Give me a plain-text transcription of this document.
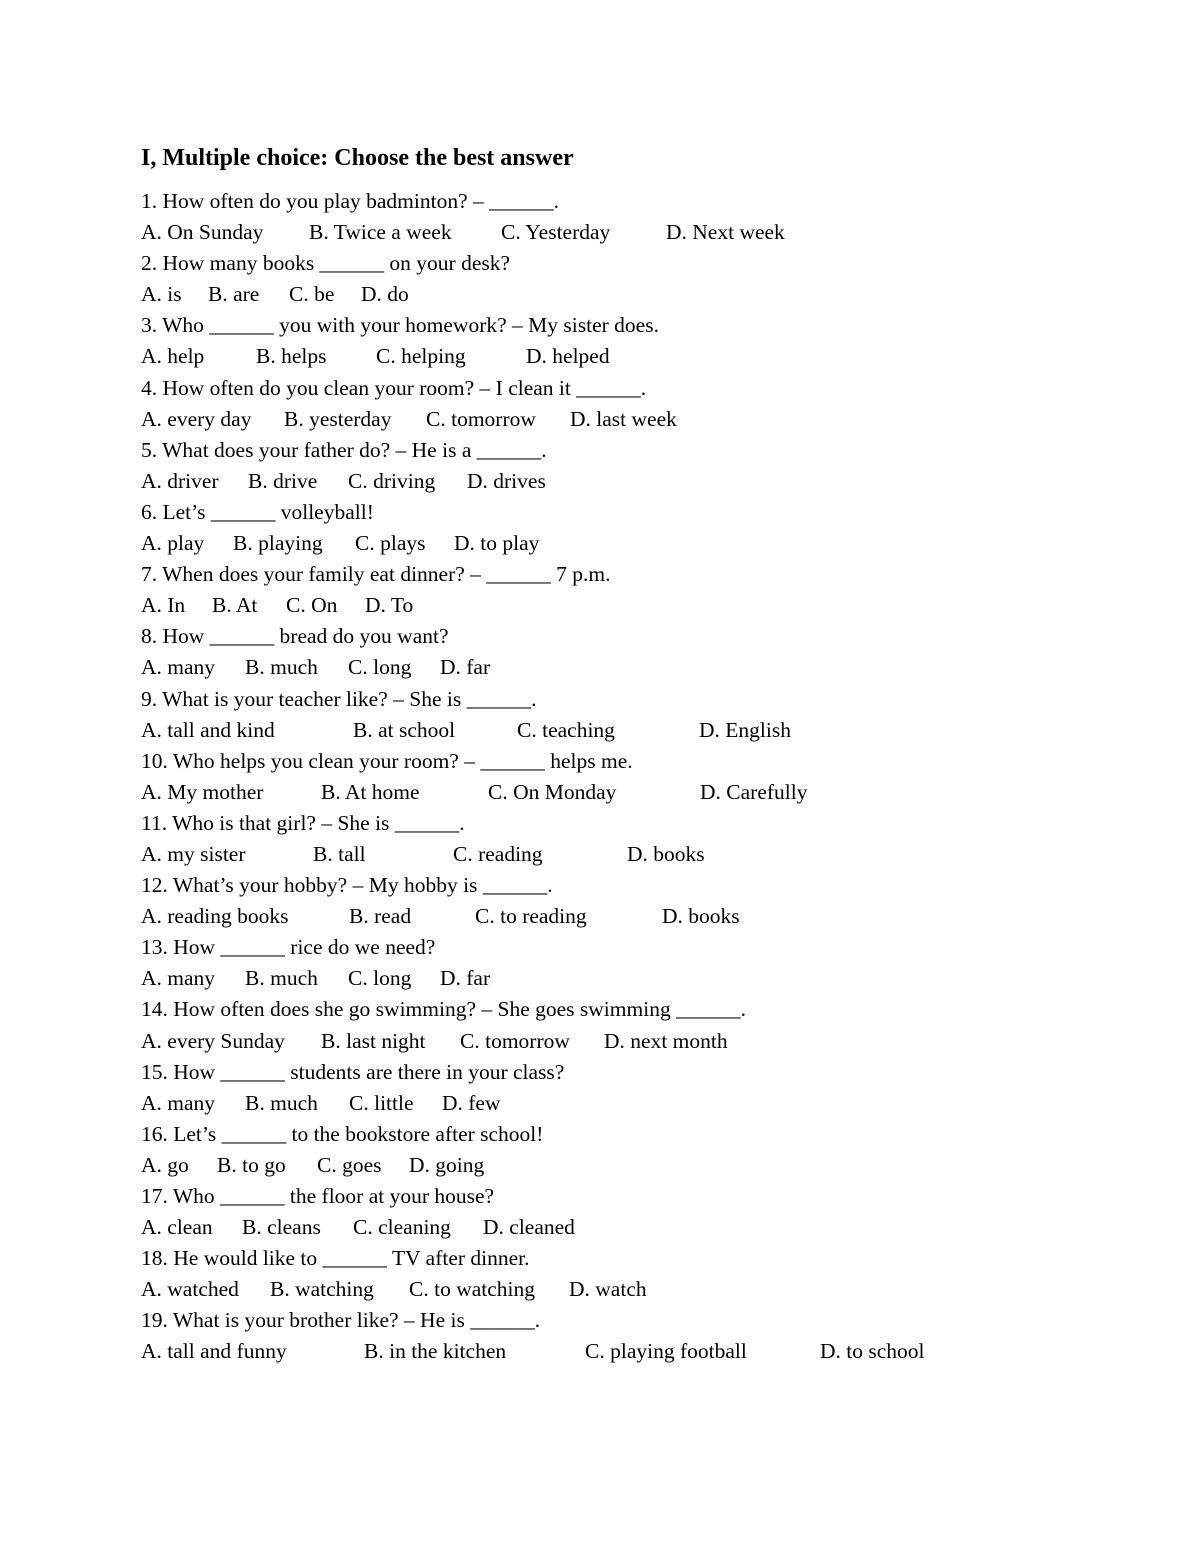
I, Multiple choice: Choose the best answer
1. How often do you play badminton? – ______.
A. On Sunday	B. Twice a week	C. Yesterday	D. Next week
2. How many books ______ on your desk?
A. is	B. are	C. be	D. do
3. Who ______ you with your homework? – My sister does.
A. help	B. helps	C. helping	D. helped
4. How often do you clean your room? – I clean it ______.
A. every day	B. yesterday	C. tomorrow	D. last week
5. What does your father do? – He is a ______.
A. driver	B. drive	C. driving	D. drives
6. Let’s ______ volleyball!
A. play	B. playing	C. plays	D. to play
7. When does your family eat dinner? – ______ 7 p.m.
A. In	B. At	C. On	D. To
8. How ______ bread do you want?
A. many	B. much	C. long	D. far
9. What is your teacher like? – She is ______.
A. tall and kind	B. at school	C. teaching	D. English
10. Who helps you clean your room? – ______ helps me.
A. My mother	B. At home	C. On Monday	D. Carefully
11. Who is that girl? – She is ______.
A. my sister	B. tall	C. reading	D. books
12. What’s your hobby? – My hobby is ______.
A. reading books	B. read	C. to reading	D. books
13. How ______ rice do we need?
A. many	B. much	C. long	D. far
14. How often does she go swimming? – She goes swimming ______.
A. every Sunday	B. last night	C. tomorrow	D. next month
15. How ______ students are there in your class?
A. many	B. much	C. little	D. few
16. Let’s ______ to the bookstore after school!
A. go	B. to go	C. goes	D. going
17. Who ______ the floor at your house?
A. clean	B. cleans	C. cleaning	D. cleaned
18. He would like to ______ TV after dinner.
A. watched	B. watching	C. to watching	D. watch
19. What is your brother like? – He is ______.
A. tall and funny	B. in the kitchen	C. playing football	D. to school
